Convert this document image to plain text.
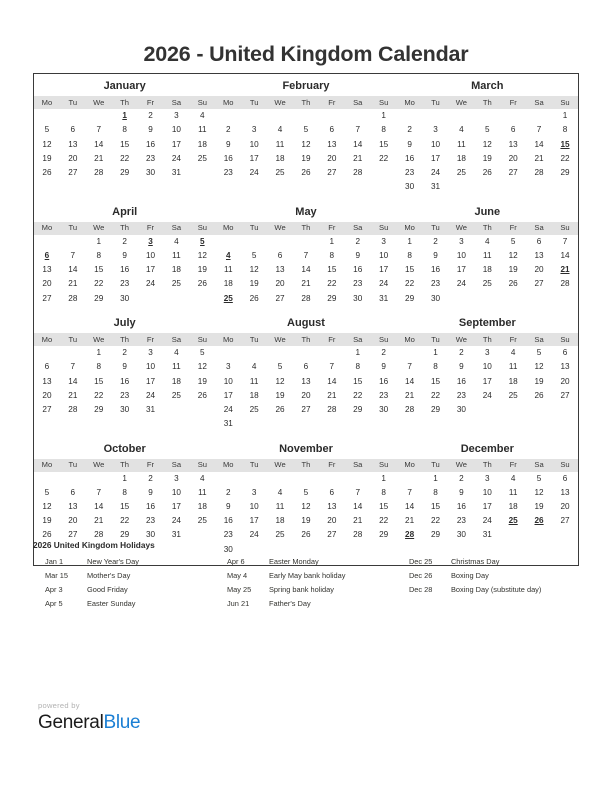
2026 - United Kingdom Calendar
January
Mo	Tu	We	Th	Fr	Sa	Su
			1	2	3	4
5	6	7	8	9	10	11
12	13	14	15	16	17	18
19	20	21	22	23	24	25
26	27	28	29	30	31	
February
Mo	Tu	We	Th	Fr	Sa	Su
						1
2	3	4	5	6	7	8
9	10	11	12	13	14	15
16	17	18	19	20	21	22
23	24	25	26	27	28	
March
Mo	Tu	We	Th	Fr	Sa	Su
						1
2	3	4	5	6	7	8
9	10	11	12	13	14	15
16	17	18	19	20	21	22
23	24	25	26	27	28	29
30	31					
April
Mo	Tu	We	Th	Fr	Sa	Su
		1	2	3	4	5
6	7	8	9	10	11	12
13	14	15	16	17	18	19
20	21	22	23	24	25	26
27	28	29	30			
May
Mo	Tu	We	Th	Fr	Sa	Su
				1	2	3
4	5	6	7	8	9	10
11	12	13	14	15	16	17
18	19	20	21	22	23	24
25	26	27	28	29	30	31
June
Mo	Tu	We	Th	Fr	Sa	Su
1	2	3	4	5	6	7
8	9	10	11	12	13	14
15	16	17	18	19	20	21
22	23	24	25	26	27	28
29	30					
July
Mo	Tu	We	Th	Fr	Sa	Su
		1	2	3	4	5
6	7	8	9	10	11	12
13	14	15	16	17	18	19
20	21	22	23	24	25	26
27	28	29	30	31		
August
Mo	Tu	We	Th	Fr	Sa	Su
					1	2
3	4	5	6	7	8	9
10	11	12	13	14	15	16
17	18	19	20	21	22	23
24	25	26	27	28	29	30
31						
September
Mo	Tu	We	Th	Fr	Sa	Su
	1	2	3	4	5	6
7	8	9	10	11	12	13
14	15	16	17	18	19	20
21	22	23	24	25	26	27
28	29	30				
October
Mo	Tu	We	Th	Fr	Sa	Su
			1	2	3	4
5	6	7	8	9	10	11
12	13	14	15	16	17	18
19	20	21	22	23	24	25
26	27	28	29	30	31	
November
Mo	Tu	We	Th	Fr	Sa	Su
						1
2	3	4	5	6	7	8
9	10	11	12	13	14	15
16	17	18	19	20	21	22
23	24	25	26	27	28	29
30						
December
Mo	Tu	We	Th	Fr	Sa	Su
	1	2	3	4	5	6
7	8	9	10	11	12	13
14	15	16	17	18	19	20
21	22	23	24	25	26	27
28	29	30	31			
2026 United Kingdom Holidays
Jan 1	New Year's Day
Mar 15	Mother's Day
Apr 3	Good Friday
Apr 5	Easter Sunday
Apr 6	Easter Monday
May 4	Early May bank holiday
May 25	Spring bank holiday
Jun 21	Father's Day
Dec 25	Christmas Day
Dec 26	Boxing Day
Dec 28	Boxing Day (substitute day)
powered by
GeneralBlue
